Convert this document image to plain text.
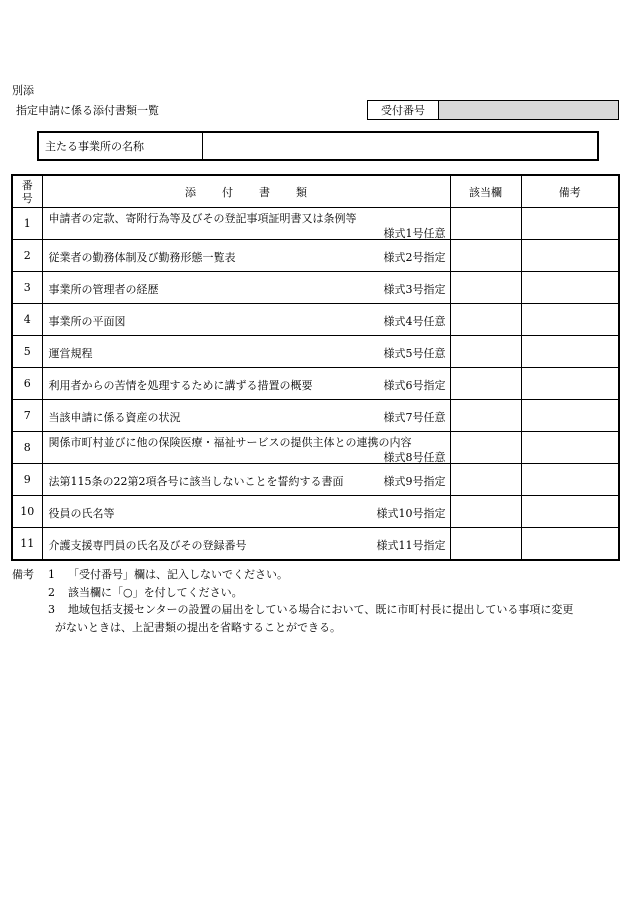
別添
指定申請に係る添付書類一覧	受付番号
主たる事業所の名称
番号	添付書類	該当欄	備考
1	申請者の定款、寄附行為等及びその登記事項証明書又は条例等
様式1号任意		

2	従業者の勤務体制及び勤務形態一覧表 様式2号指定		

3	事業所の管理者の経歴 様式3号指定		

4	事業所の平面図 様式4号任意		

5	運営規程 様式5号任意		

6	利用者からの苦情を処理するために講ずる措置の概要 様式6号指定		

7	当該申請に係る資産の状況 様式7号任意		

8	関係市町村並びに他の保険医療・福祉サービスの提供主体との連携の内容
様式8号任意		

9	法第115条の22第2項各号に該当しないことを誓約する書面 様式9号指定		

10	役員の氏名等 様式10号指定		

11	介護支援専門員の氏名及びその登録番号 様式11号指定		

備考 1 「受付番号」欄は、記入しないでください。
2 該当欄に「○」を付してください。
3 地域包括支援センターの設置の届出をしている場合において、既に市町村長に提出している事項に変更
がないときは、上記書類の提出を省略することができる。
